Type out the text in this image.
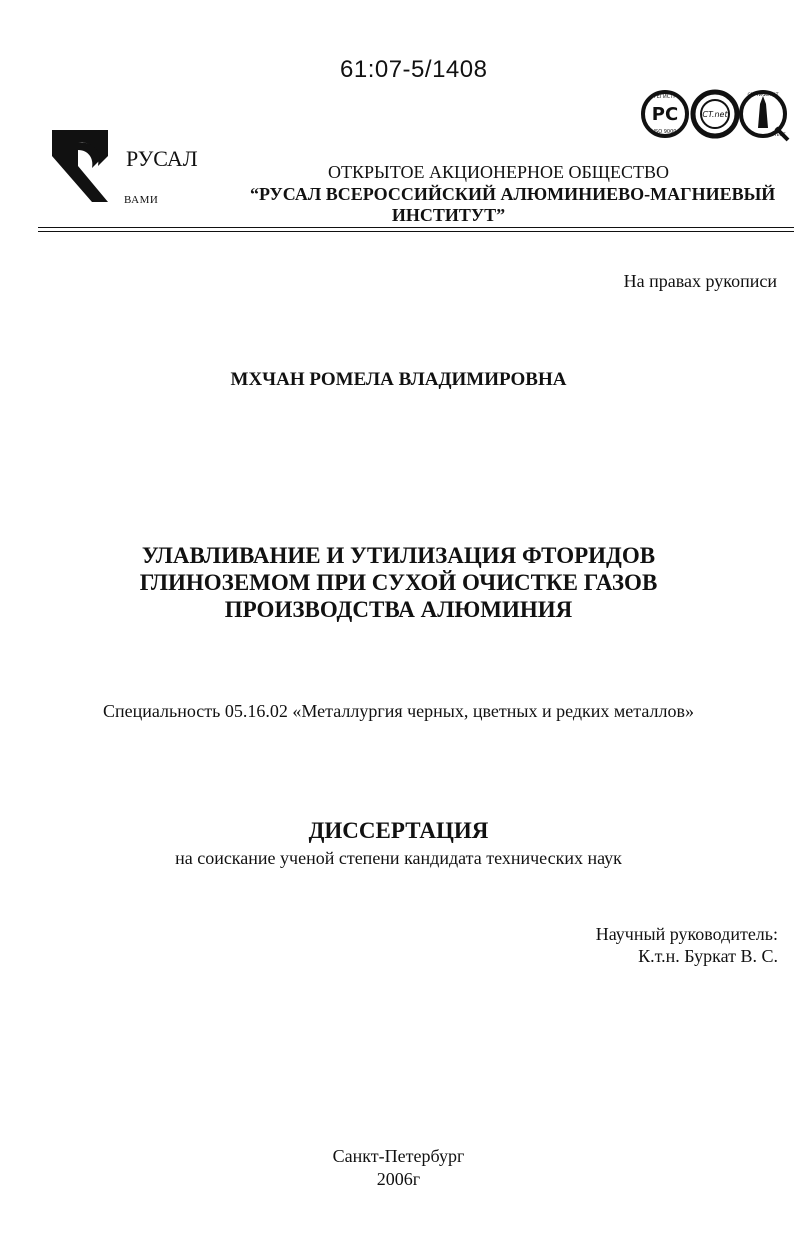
61:07-5/1408
РУСАЛ
ВАМИ
РЕГИСТР
РС
ISO 9000
CT.net
СЕРТИФИКАТ
ТЕСТ
ОТКРЫТОЕ АКЦИОНЕРНОЕ ОБЩЕСТВО
“РУСАЛ ВСЕРОССИЙСКИЙ АЛЮМИНИЕВО-МАГНИЕВЫЙ
ИНСТИТУТ”
На правах рукописи
МХЧАН РОМЕЛА ВЛАДИМИРОВНА
УЛАВЛИВАНИЕ И УТИЛИЗАЦИЯ ФТОРИДОВ
ГЛИНОЗЕМОМ ПРИ СУХОЙ ОЧИСТКЕ ГАЗОВ
ПРОИЗВОДСТВА АЛЮМИНИЯ
Специальность 05.16.02 «Металлургия черных, цветных и редких металлов»
ДИССЕРТАЦИЯ
на соискание ученой степени кандидата технических наук
Научный руководитель:
К.т.н. Буркат В. С.
Санкт-Петербург
2006г
